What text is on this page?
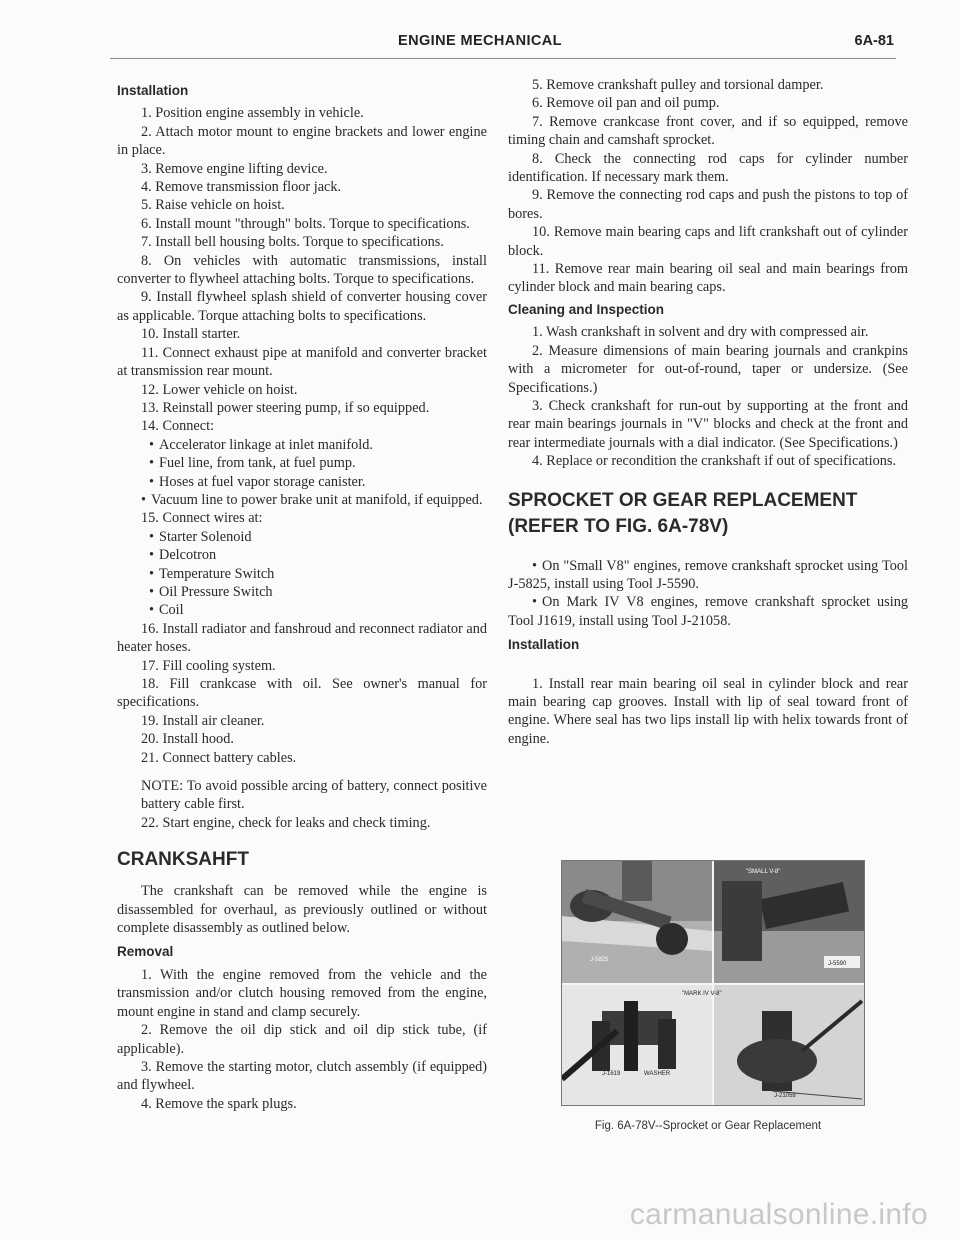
ENGINE MECHANICAL	6A-81
Installation

1. Position engine assembly in vehicle.

2. Attach motor mount to engine brackets and lower engine in place.

3. Remove engine lifting device.

4. Remove transmission floor jack.

5. Raise vehicle on hoist.

6. Install mount "through" bolts. Torque to specifications.

7. Install bell housing bolts. Torque to specifications.

8. On vehicles with automatic transmissions, install converter to flywheel attaching bolts. Torque to specifications.

9. Install flywheel splash shield of converter housing cover as applicable. Torque attaching bolts to specifications.

10. Install starter.

11. Connect exhaust pipe at manifold and converter bracket at transmission rear mount.

12. Lower vehicle on hoist.

13. Reinstall power steering pump, if so equipped.

14. Connect:

• Accelerator linkage at inlet manifold.

• Fuel line, from tank, at fuel pump.

• Hoses at fuel vapor storage canister.

• Vacuum line to power brake unit at manifold, if equipped.

15. Connect wires at:

• Starter Solenoid

• Delcotron

• Temperature Switch

• Oil Pressure Switch

• Coil

16. Install radiator and fanshroud and reconnect radiator and heater hoses.

17. Fill cooling system.

18. Fill crankcase with oil. See owner's manual for specifications.

19. Install air cleaner.

20. Install hood.

21. Connect battery cables.

NOTE: To avoid possible arcing of battery, connect positive battery cable first.

22. Start engine, check for leaks and check timing.

CRANKSAHFT

The crankshaft can be removed while the engine is disassembled for overhaul, as previously outlined or without complete disassembly as outlined below.

Removal

1. With the engine removed from the vehicle and the transmission and/or clutch housing removed from the engine, mount engine in stand and clamp securely.

2. Remove the oil dip stick and oil dip stick tube, (if applicable).

3. Remove the starting motor, clutch assembly (if equipped) and flywheel.

4. Remove the spark plugs.

5. Remove crankshaft pulley and torsional damper.

6. Remove oil pan and oil pump.

7. Remove crankcase front cover, and if so equipped, remove timing chain and camshaft sprocket.

8. Check the connecting rod caps for cylinder number identification. If necessary mark them.

9. Remove the connecting rod caps and push the pistons to top of bores.

10. Remove main bearing caps and lift crankshaft out of cylinder block.

11. Remove rear main bearing oil seal and main bearings from cylinder block and main bearing caps.

Cleaning and Inspection

1. Wash crankshaft in solvent and dry with compressed air.

2. Measure dimensions of main bearing journals and crankpins with a micrometer for out-of-round, taper or undersize. (See Specifications.)

3. Check crankshaft for run-out by supporting at the front and rear main bearings journals in "V" blocks and check at the front and rear intermediate journals with a dial indicator. (See Specifications.)

4. Replace or recondition the crankshaft if out of specifications.

SPROCKET OR GEAR REPLACEMENT
(REFER TO FIG. 6A-78V)

• On "Small V8" engines, remove crankshaft sprocket using Tool J-5825, install using Tool J-5590.

• On Mark IV V8 engines, remove crankshaft sprocket using Tool J1619, install using Tool J-21058.

Installation

1. Install rear main bearing oil seal in cylinder block and rear main bearing cap grooves. Install with lip of seal toward front of engine. Where seal has two lips install lip with helix towards front of engine.

"SMALL V-8"
J-5825
J-5590
"MARK IV V-8"
J-1619	WASHER
J-21058
Fig. 6A-78V--Sprocket or Gear Replacement
carmanualsonline.info
